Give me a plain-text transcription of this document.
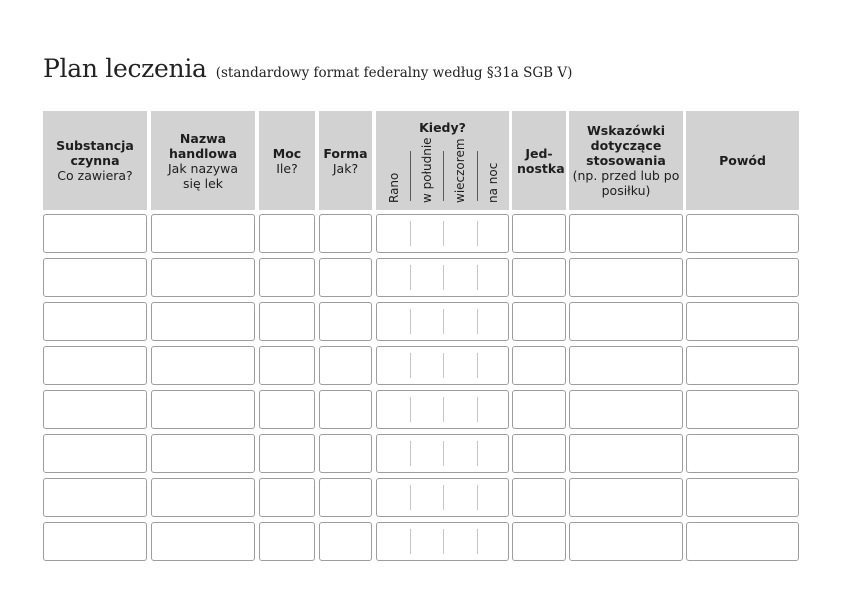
Plan leczenia (standardowy format federalny według §31a SGB V)
Substancja czynna
Co zawiera?
Nazwa handlowa
Jak nazywa się lek
Moc
Ile?
Forma
Jak?
Kiedy?
Rano w południe wieczorem na noc
Jed-nostka
Wskazówki dotyczące stosowania
(np. przed lub po posiłku)
Powód
